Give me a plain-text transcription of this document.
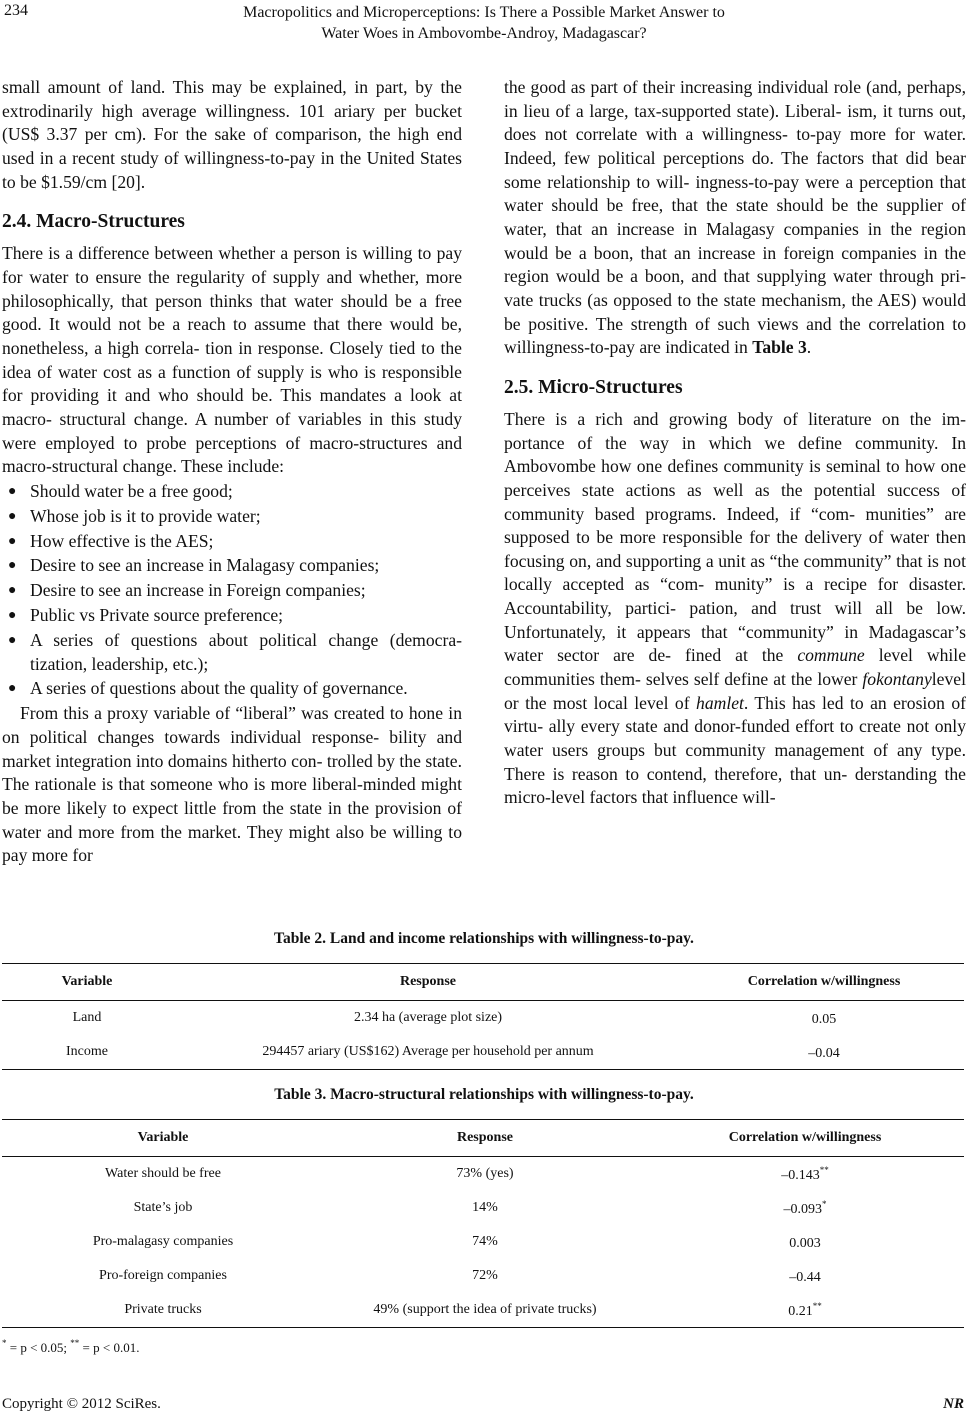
234	Macropolitics and Microperceptions: Is There a Possible Market Answer to
Water Woes in Ambovombe-Androy, Madagascar?

small amount of land. This may be explained, in part, by the extrodinarily high average willingness. 101 ariary per bucket (US$ 3.37 per cm). For the sake of comparison, the high end used in a recent study of willingness-to-pay in the United States to be $1.59/cm [20].

2.4. Macro-Structures

There is a difference between whether a person is willing to pay for water to ensure the regularity of supply and whether, more philosophically, that person thinks that water should be a free good. It would not be a reach to assume that there would be, nonetheless, a high correla- tion in response. Closely tied to the idea of water cost as a function of supply is who is responsible for providing it and who should be. This mandates a look at macro- structural change. A number of variables in this study were employed to probe perceptions of macro-structures and macro-structural change. These include:

● Should water be a free good;
● Whose job is it to provide water;
● How effective is the AES;
● Desire to see an increase in Malagasy companies;
● Desire to see an increase in Foreign companies;
● Public vs Private source preference;
● A series of questions about political change (democra- tization, leadership, etc.);
● A series of questions about the quality of governance.

From this a proxy variable of “liberal” was created to hone in on political changes towards individual response- bility and market integration into domains hitherto con- trolled by the state. The rationale is that someone who is more liberal-minded might be more likely to expect little from the state in the provision of water and more from the market. They might also be willing to pay more for

the good as part of their increasing individual role (and, perhaps, in lieu of a large, tax-supported state). Liberal- ism, it turns out, does not correlate with a willingness- to-pay more for water. Indeed, few political perceptions do. The factors that did bear some relationship to will- ingness-to-pay were a perception that water should be free, that the state should be the supplier of water, that an increase in Malagasy companies in the region would be a boon, that an increase in foreign companies in the region would be a boon, and that supplying water through pri- vate trucks (as opposed to the state mechanism, the AES) would be positive. The strength of such views and the correlation to willingness-to-pay are indicated in Table 3.

2.5. Micro-Structures

There is a rich and growing body of literature on the im- portance of the way in which we define community. In Ambovombe how one defines community is seminal to how one perceives state actions as well as the potential success of community based programs. Indeed, if “com- munities” are supposed to be more responsible for the delivery of water then focusing on, and supporting a unit as “the community” that is not locally accepted as “com- munity” is a recipe for disaster. Accountability, partici- pation, and trust will all be low. Unfortunately, it appears that “community” in Madagascar’s water sector are de- fined at the commune level while communities them- selves self define at the lower fokontanylevel or the most local level of hamlet. This has led to an erosion of virtu- ally every state and donor-funded effort to create not only water users groups but community management of any type. There is reason to contend, therefore, that un- derstanding the micro-level factors that influence will-

Table 2. Land and income relationships with willingness-to-pay.
Variable	Response	Correlation w/willingness
Land	2.34 ha (average plot size)	0.05
Income	294457 ariary (US$162) Average per household per annum	–0.04
Table 3. Macro-structural relationships with willingness-to-pay.
Variable	Response	Correlation w/willingness
Water should be free	73% (yes)	–0.143**
State’s job	14%	–0.093*
Pro-malagasy companies	74%	0.003
Pro-foreign companies	72%	–0.44
Private trucks	49% (support the idea of private trucks)	0.21**
* = p < 0.05; ** = p < 0.01.
Copyright © 2012 SciRes.	NR
